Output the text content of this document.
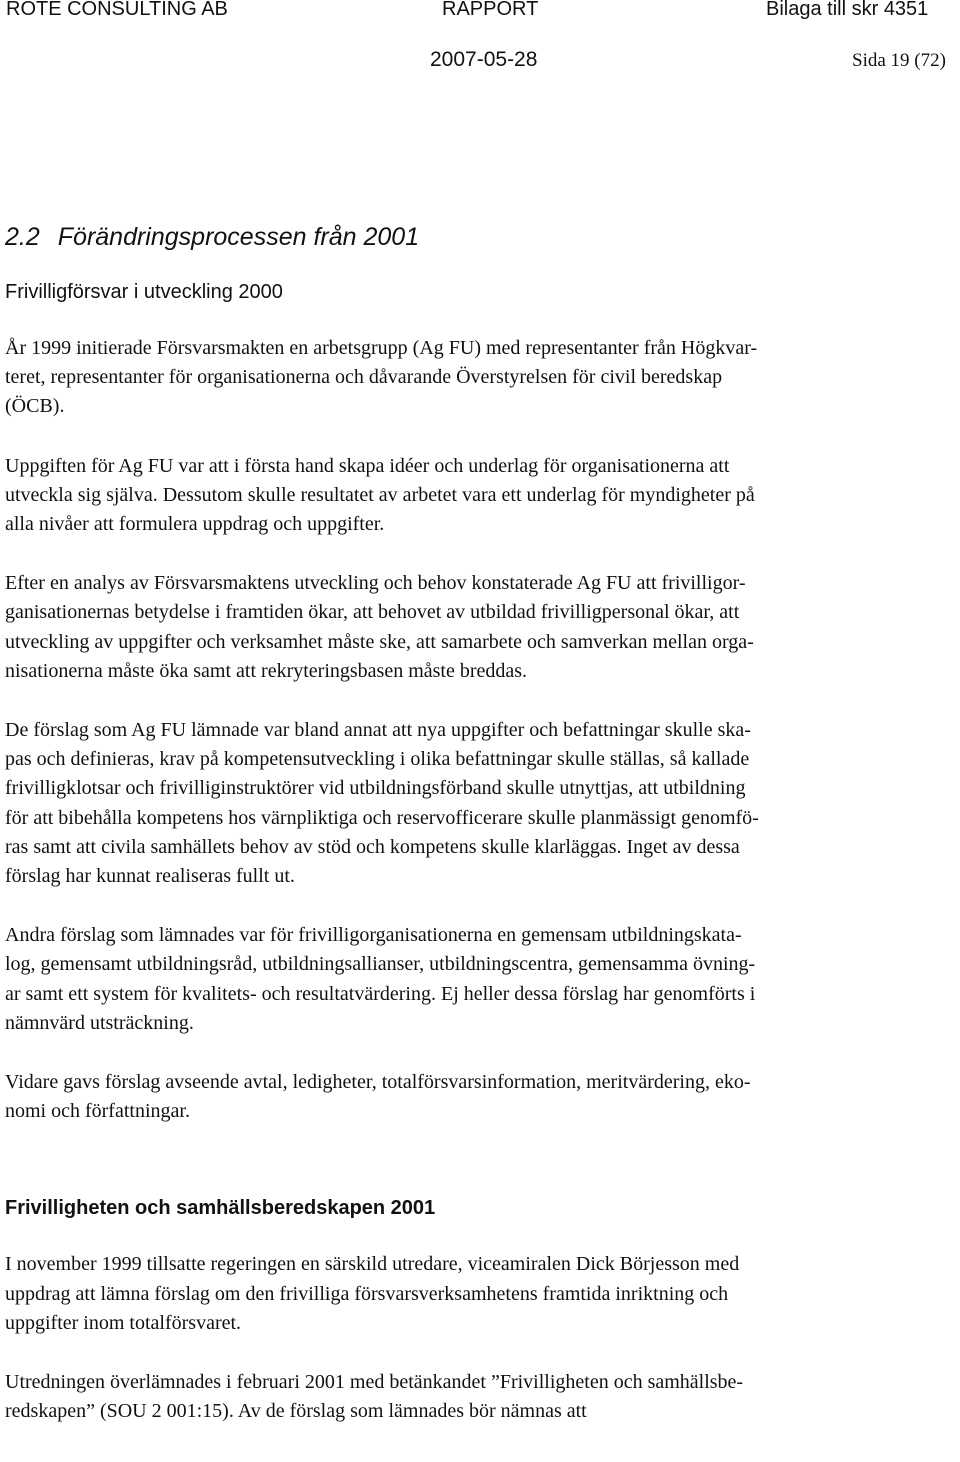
ROTE CONSULTING AB	RAPPORT	Bilaga till skr 4351
2007-05-28	Sida 19 (72)
2.2 Förändringsprocessen från 2001
Frivilligförsvar i utveckling 2000
År 1999 initierade Försvarsmakten en arbetsgrupp (Ag FU) med representanter från Högkvar-
teret, representanter för organisationerna och dåvarande Överstyrelsen för civil beredskap
(ÖCB).
Uppgiften för Ag FU var att i första hand skapa idéer och underlag för organisationerna att
utveckla sig själva. Dessutom skulle resultatet av arbetet vara ett underlag för myndigheter på
alla nivåer att formulera uppdrag och uppgifter.
Efter en analys av Försvarsmaktens utveckling och behov konstaterade Ag FU att frivilligor-
ganisationernas betydelse i framtiden ökar, att behovet av utbildad frivilligpersonal ökar, att
utveckling av uppgifter och verksamhet måste ske, att samarbete och samverkan mellan orga-
nisationerna måste öka samt att rekryteringsbasen måste breddas.
De förslag som Ag FU lämnade var bland annat att nya uppgifter och befattningar skulle ska-
pas och definieras, krav på kompetensutveckling i olika befattningar skulle ställas, så kallade
frivilligklotsar och frivilliginstruktörer vid utbildningsförband skulle utnyttjas, att utbildning
för att bibehålla kompetens hos värnpliktiga och reservofficerare skulle planmässigt genomfö-
ras samt att civila samhällets behov av stöd och kompetens skulle klarläggas. Inget av dessa
förslag har kunnat realiseras fullt ut.
Andra förslag som lämnades var för frivilligorganisationerna en gemensam utbildningskata-
log, gemensamt utbildningsråd, utbildningsallianser, utbildningscentra, gemensamma övning-
ar samt ett system för kvalitets- och resultatvärdering. Ej heller dessa förslag har genomförts i
nämnvärd utsträckning.
Vidare gavs förslag avseende avtal, ledigheter, totalförsvarsinformation, meritvärdering, eko-
nomi och författningar.
Frivilligheten och samhällsberedskapen 2001
I november 1999 tillsatte regeringen en särskild utredare, viceamiralen Dick Börjesson med
uppdrag att lämna förslag om den frivilliga försvarsverksamhetens framtida inriktning och
uppgifter inom totalförsvaret.
Utredningen överlämnades i februari 2001 med betänkandet ”Frivilligheten och samhällsbe-
redskapen” (SOU 2 001:15). Av de förslag som lämnades bör nämnas att
